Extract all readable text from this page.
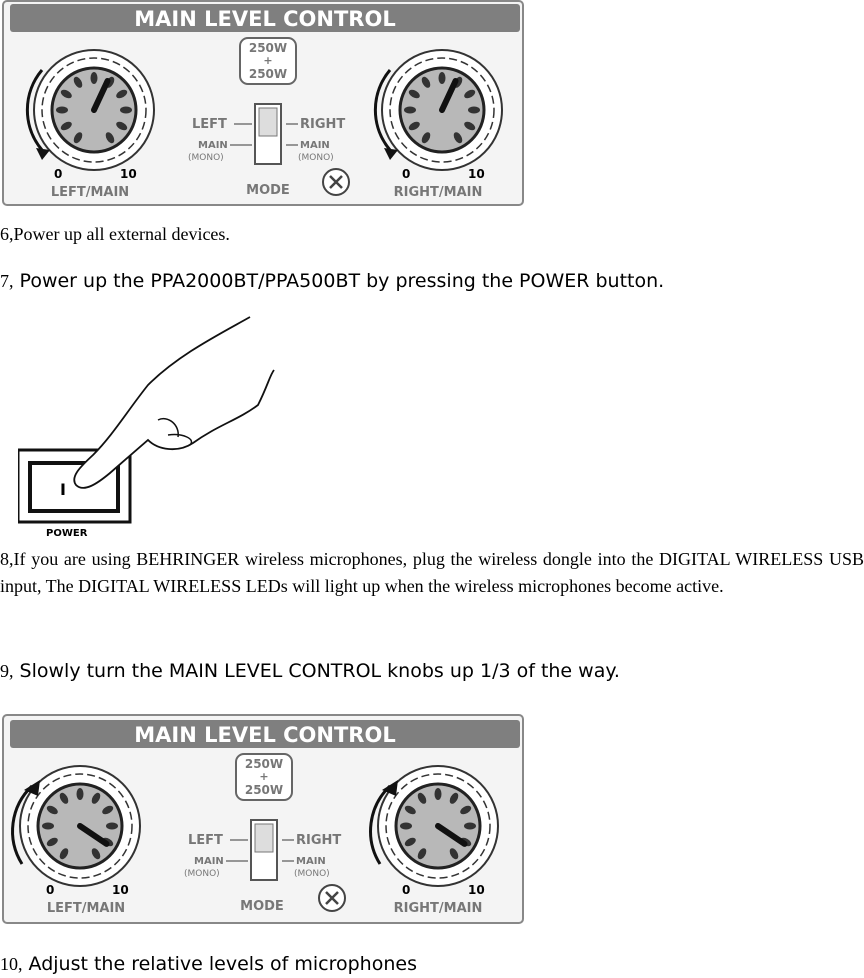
MAIN LEVEL CONTROL
0	10
LEFT/MAIN
250W
+
250W
LEFT
MAIN
(MONO)
RIGHT
MAIN
(MONO)
MODE
0	10
RIGHT/MAIN
6,Power up all external devices.
7, Power up the PPA2000BT/PPA500BT by pressing the POWER button.
I
POWER
8,If you are using BEHRINGER wireless microphones, plug the wireless dongle into the DIGITAL WIRELESS USB input, The DIGITAL WIRELESS LEDs will light up when the wireless microphones become active.
9, Slowly turn the MAIN LEVEL CONTROL knobs up 1/3 of the way.
MAIN LEVEL CONTROL
0	10
LEFT/MAIN
250W
+
250W
LEFT
MAIN
(MONO)
RIGHT
MAIN
(MONO)
MODE
0	10
RIGHT/MAIN
10, Adjust the relative levels of microphones
